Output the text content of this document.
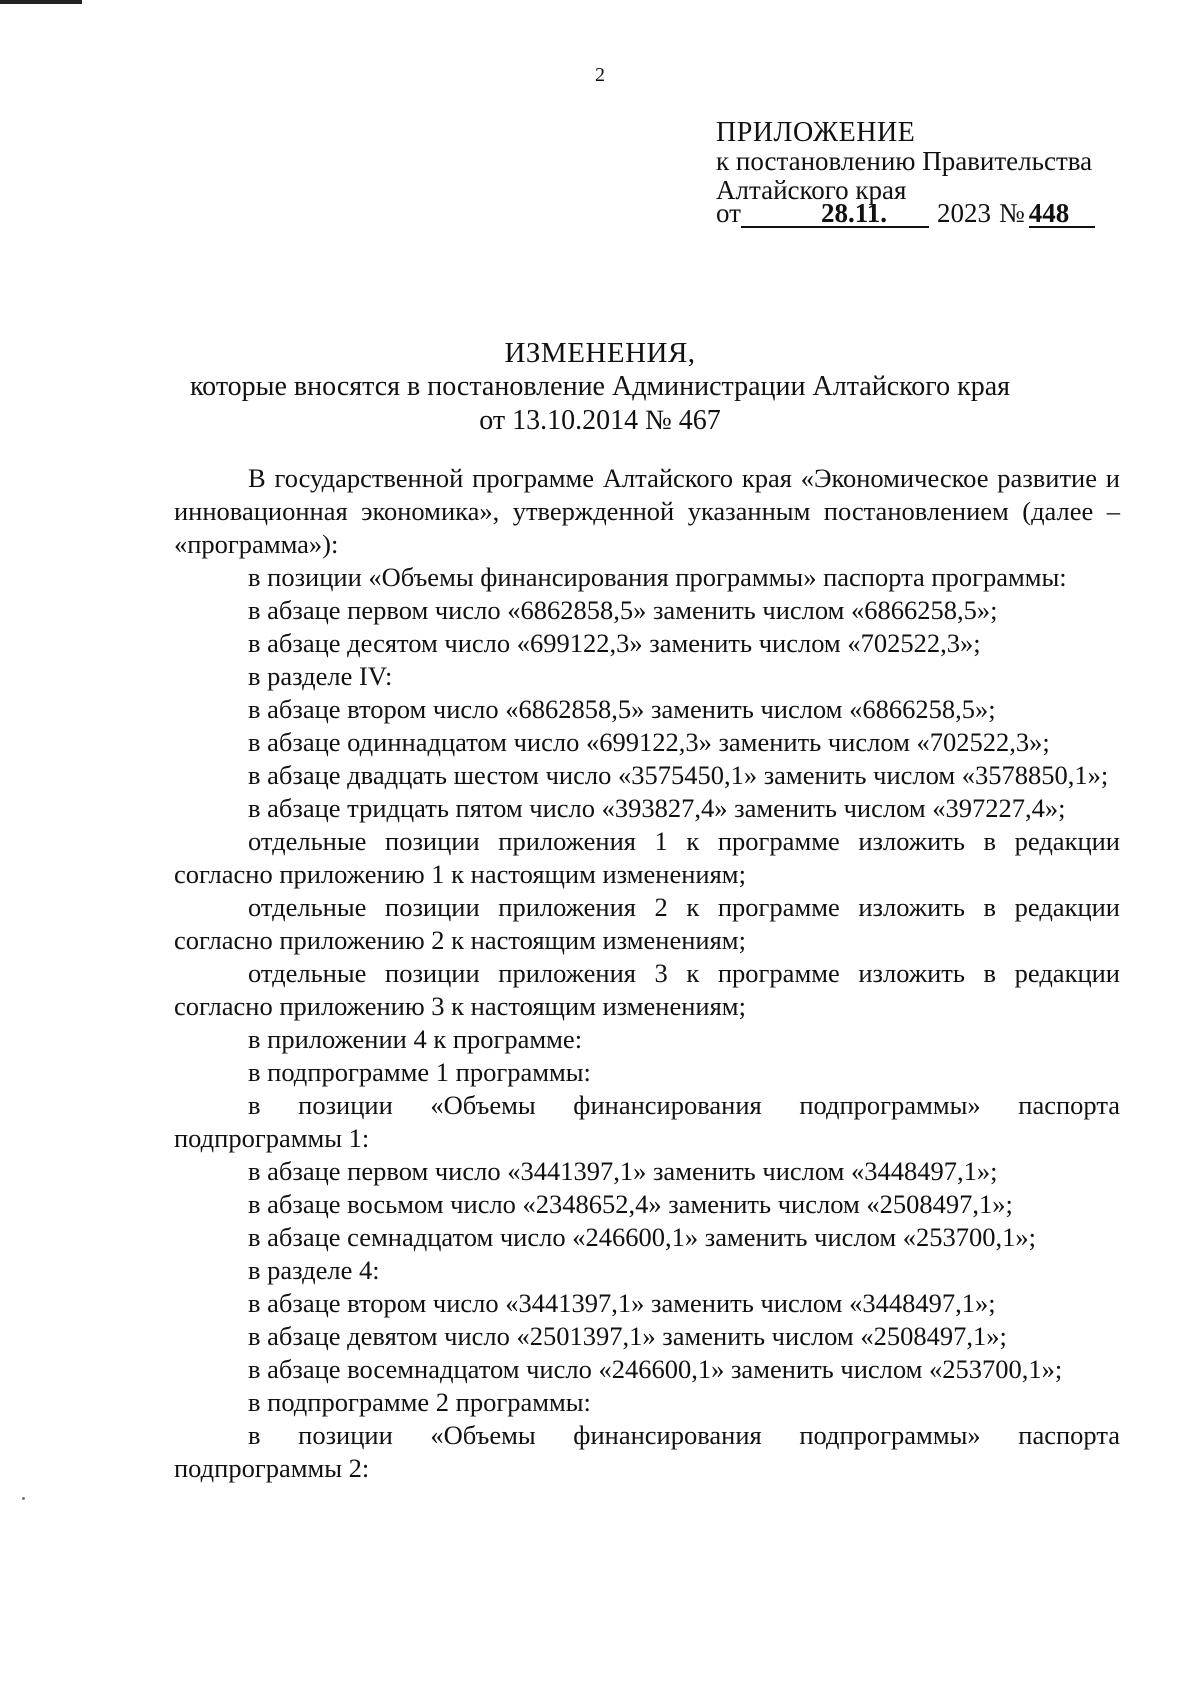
2
ПРИЛОЖЕНИЕ
к постановлению Правительства
Алтайского края
от	28.11.	2023 № 448
ИЗМЕНЕНИЯ,
которые вносятся в постановление Администрации Алтайского края
от 13.10.2014 № 467

В государственной программе Алтайского края «Экономическое развитие и инновационная экономика», утвержденной указанным постановлением (далее – «программа»):

в позиции «Объемы финансирования программы» паспорта программы:

в абзаце первом число «6862858,5» заменить числом «6866258,5»;

в абзаце десятом число «699122,3» заменить числом «702522,3»;

в разделе IV:

в абзаце втором число «6862858,5» заменить числом «6866258,5»;

в абзаце одиннадцатом число «699122,3» заменить числом «702522,3»;

в абзаце двадцать шестом число «3575450,1» заменить числом «3578850,1»;

в абзаце тридцать пятом число «393827,4» заменить числом «397227,4»;

отдельные позиции приложения 1 к программе изложить в редакции согласно приложению 1 к настоящим изменениям;

отдельные позиции приложения 2 к программе изложить в редакции согласно приложению 2 к настоящим изменениям;

отдельные позиции приложения 3 к программе изложить в редакции согласно приложению 3 к настоящим изменениям;

в приложении 4 к программе:

в подпрограмме 1 программы:

в позиции «Объемы финансирования подпрограммы» паспорта подпрограммы 1:

в абзаце первом число «3441397,1» заменить числом «3448497,1»;

в абзаце восьмом число «2348652,4» заменить числом «2508497,1»;

в абзаце семнадцатом число «246600,1» заменить числом «253700,1»;

в разделе 4:

в абзаце втором число «3441397,1» заменить числом «3448497,1»;

в абзаце девятом число «2501397,1» заменить числом «2508497,1»;

в абзаце восемнадцатом число «246600,1» заменить числом «253700,1»;

в подпрограмме 2 программы:

в позиции «Объемы финансирования подпрограммы» паспорта подпрограммы 2:
